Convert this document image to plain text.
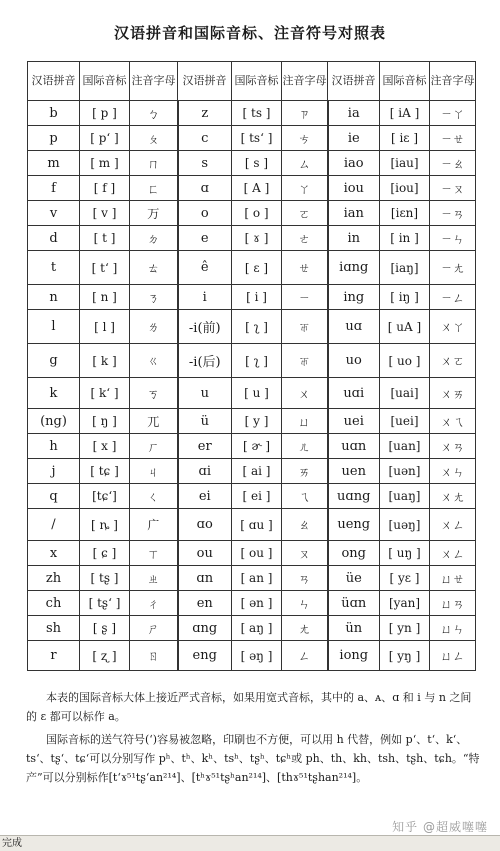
汉语拼音和国际音标、注音符号对照表
汉语拼音	国际音标	注音字母	汉语拼音	国际音标	注音字母	汉语拼音	国际音标	注音字母
b	[ p ]	ㄅ	z	[ ts ]	ㄗ	ia	[ iA ]	ㄧㄚ
p	[ pʻ ]	ㄆ	c	[ tsʻ ]	ㄘ	ie	[ iɛ ]	ㄧㄝ
m	[ m ]	ㄇ	s	[ s ]	ㄙ	iao	[iau]	ㄧㄠ
f	[ f ]	ㄈ	ɑ	[ A ]	ㄚ	iou	[iou]	ㄧㄡ
v	[ v ]	ㄪ	o	[ o ]	ㄛ	ian	[iɛn]	ㄧㄢ
d	[ t ]	ㄉ	e	[ ɤ ]	ㄜ	in	[ in ]	ㄧㄣ
t	[ tʻ ]	ㄊ	ê	[ ɛ ]	ㄝ	iɑng	[iaŋ]	ㄧㄤ
n	[ n ]	ㄋ	i	[ i ]	ㄧ	ing	[ iŋ ]	ㄧㄥ
l	[ l ]	ㄌ	-i(前)	[ ʅ ]	ㄭ	uɑ	[ uA ]	ㄨㄚ
g	[ k ]	ㄍ	-i(后)	[ ʅ ]	ㄭ	uo	[ uo ]	ㄨㄛ
k	[ kʻ ]	ㄎ	u	[ u ]	ㄨ	uɑi	[uai]	ㄨㄞ
(ng)	[ ŋ ]	ㄫ	ü	[ y ]	ㄩ	uei	[uei]	ㄨㄟ
h	[ x ]	ㄏ	er	[ ɚ ]	ㄦ	uɑn	[uan]	ㄨㄢ
j	[ tɕ ]	ㄐ	ɑi	[ ai ]	ㄞ	uen	[uən]	ㄨㄣ
q	[tɕʻ]	ㄑ	ei	[ ei ]	ㄟ	uɑng	[uaŋ]	ㄨㄤ
/	[ ȵ ]	ㄬ	ɑo	[ ɑu ]	ㄠ	ueng	[uəŋ]	ㄨㄥ
x	[ ɕ ]	ㄒ	ou	[ ou ]	ㄡ	ong	[ uŋ ]	ㄨㄥ
zh	[ tʂ ]	ㄓ	ɑn	[ an ]	ㄢ	üe	[ yɛ ]	ㄩㄝ
ch	[ tʂʻ ]	ㄔ	en	[ ən ]	ㄣ	üɑn	[yan]	ㄩㄢ
sh	[ ʂ ]	ㄕ	ɑng	[ aŋ ]	ㄤ	ün	[ yn ]	ㄩㄣ
r	[ ʐ ]	ㄖ	eng	[ əŋ ]	ㄥ	iong	[ yŋ ]	ㄩㄥ

本表的国际音标大体上接近严式音标，如果用宽式音标，其中的 a、ᴀ、ɑ 和 i 与 n 之间的 ɛ 都可以标作 a。

国际音标的送气符号(ʻ)容易被忽略，印刷也不方便，可以用 h 代替，例如 pʻ、tʻ、kʻ、tsʻ、tʂʻ、tɕʻ可以分别写作 pʰ、tʰ、kʰ、tsʰ、tʂʰ、tɕʰ或 ph、th、kh、tsh、tʂh、tɕh。“特产”可以分别标作[tʻɤ⁵¹tʂʻan²¹⁴]、[tʰɤ⁵¹tʂʰan²¹⁴]、[thɤ⁵¹tʂhan²¹⁴]。

知乎 @超威噻噻
完成
